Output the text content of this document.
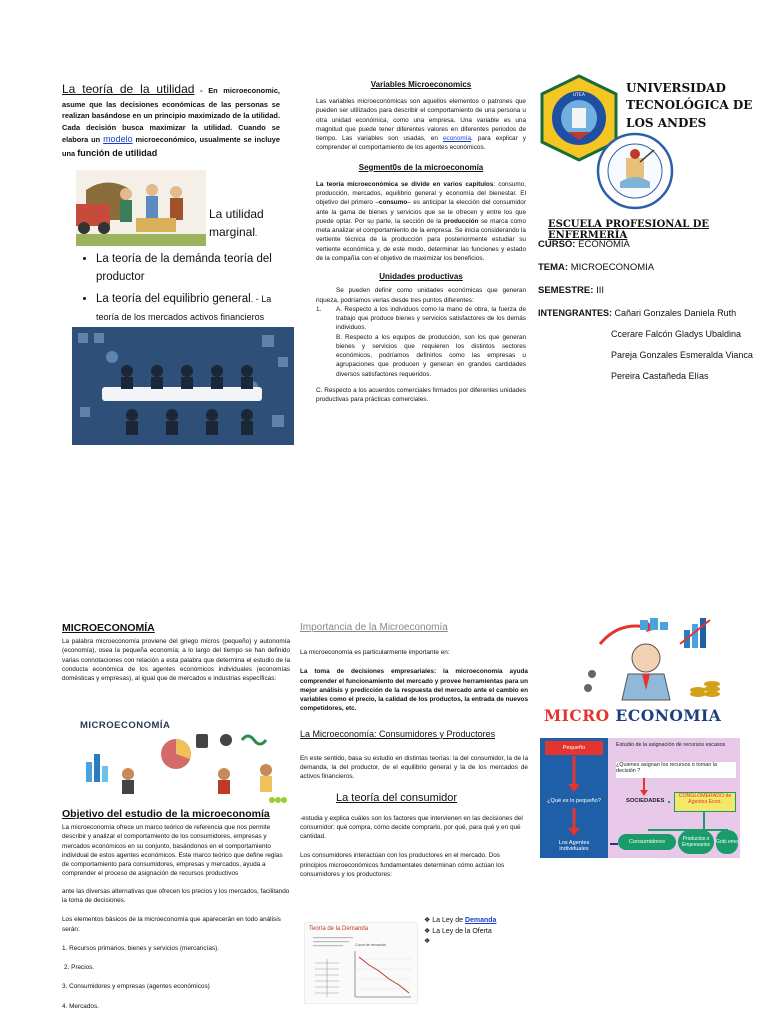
La teoría de la utilidad - En microeconomic, asume que las decisiones económicas de las personas se realizan basándose en un principio maximizado de la utilidad. Cada decisión busca maximizar la utilidad. Cuando se elabora un modelo microeconómico, usualmente se incluye una función de utilidad
La utilidad marginal.
• La teoría de la demánda teoría del productor
• La teoría del equilibrio general. - La teoría de los mercados activos financieros
Variables Microeconomics
Las variables microeconómicas son aquellos elementos o patrones que pueden ser utilizados para describir el comportamiento de una persona u otra unidad económica, como una empresa. Una variable es una magnitud que puede tener diferentes valores en diferentes periodos de tiempo. Las variables son usadas, en economía, para explicar y comprender el comportamiento de los agentes económicos.
Segment0s de la microeconomía
La teoría microeconómica se divide en varios capítulos: consumo, producción, mercados, equilibrio general y economía del bienestar. El objetivo del primero –consumo– es anticipar la elección del consumidor ante la gama de bienes y servicios que se le ofrecen y entre los que puede optar. Por su parte, la sección de la producción se marca como meta analizar el comportamiento de la empresa. Se inicia considerando la vertiente técnica de la producción para posteriormente estudiar su vertiente económica y, de este modo, determinar las funciones y estado de la compañía con el objetivo de maximizar los beneficios.
Unidades productivas
Se pueden definir como unidades económicas que generan riqueza, podríamos verlas desde tres puntos diferentes:
1. A. Respecto a los individuos como la mano de obra, la fuerza de trabajo que produce bienes y servicios satisfactores de los demás individuos.
B. Respecto a los equipos de producción, son los que generan bienes y servicios que requieren los distintos sectores económicos, podríamos definirlos como las empresas u agrupaciones que producen y generan en grandes cantidades diversos satisfactores requeridos.
C. Respecto a los acuerdos comerciales firmados por diferentes unidades productivas para prácticas comerciales.
UTEA
UNIVERSIDAD TECNOLÓGICA DE LOS ANDES
ESCUELA PROFESIONAL DE ENFERMERÍA
CURSO: ECONOMIA
TEMA: MICROECONOMIA
SEMESTRE: III
INTENGRANTES: Cañari Gonzales Daniela Ruth
Ccerare Falcón Gladys Ubaldina
Pareja Gonzales Esmeralda Vianca
Pereira Castañeda Elías
MICROECONOMÍA
La palabra microeconomía proviene del griego micros (pequeño) y autonomía (economía), osea la pequeña economía; a lo largo del tiempo se han definido varias connotaciones con relación a esta palabra que determina el estudio de la conducta económica de los agentes económicos individuales (economías domésticas y empresas), al igual que de mercados e industrias específicas:
MICROECONOMÍA
Objetivo del estudio de la microeconomía
La microeconomía ofrece un marco teórico de referencia que nos permite describir y analizar el comportamiento de los consumidores, empresas y mercados económicos en su conjunto, basándonos en el comportamiento individual de estos agentes económicos. Este marco teórico que define reglas de comportamiento para consumidores, empresas y mercados, ayuda a comprender el proceso de asignación de recursos productivos
ante las diversas alternativas que ofrecen los precios y los mercados, facilitando la toma de decisiones.
Los elementos básicos de la microeconomía que aparecerán en todo análisis serán:
1. Recursos primarios, bienes y servicios (mercancías).
2. Precios.
3. Consumidores y empresas (agentes económicos)
4. Mercados.
Importancia de la Microeconomía
La microeconomía es particularmente importante en:
La toma de decisiones empresariales: la microeconomía ayuda comprender el funcionamiento del mercado y provee herramientas para un mejor análisis y predicción de la respuesta del mercado ante el cambio en variables como el precio, la calidad de los productos, la entrada de nuevos competidores, etc.
La Microeconomía: Consumidores y Productores
En este sentido, basa su estudio en distintas teorías: la del consumidor, la de la demanda, la del productor, de el equilibrio general y la de los mercados de activos financieros.
La teoría del consumidor
-estudia y explica cuáles son los factores que intervienen en las decisiones del consumidor: qué compra, cómo decide comprarlo, por qué, para qué y en qué cantidad.
Los consumidores interactúan con los productores en el mercado. Dos principios microeconómicos fundamentales determinan cómo actúan los consumidores y los productores:
Teoría de la Demanda
Curva de demanda
❖ La Ley de Demanda
❖ La Ley de la Oferta
❖
MICRO ECONOMIA
Pequeño
¿Qué es lo pequeño?
Los Agentes individuales
Estudio de la asignación de recursos escasos
¿Quienes asignan los recursos o toman la decisión ?
SOCIEDADES
CONGLOMERADO de Agentes Econ.
Consumidores	Productos o Empresarios	Gobi erno
